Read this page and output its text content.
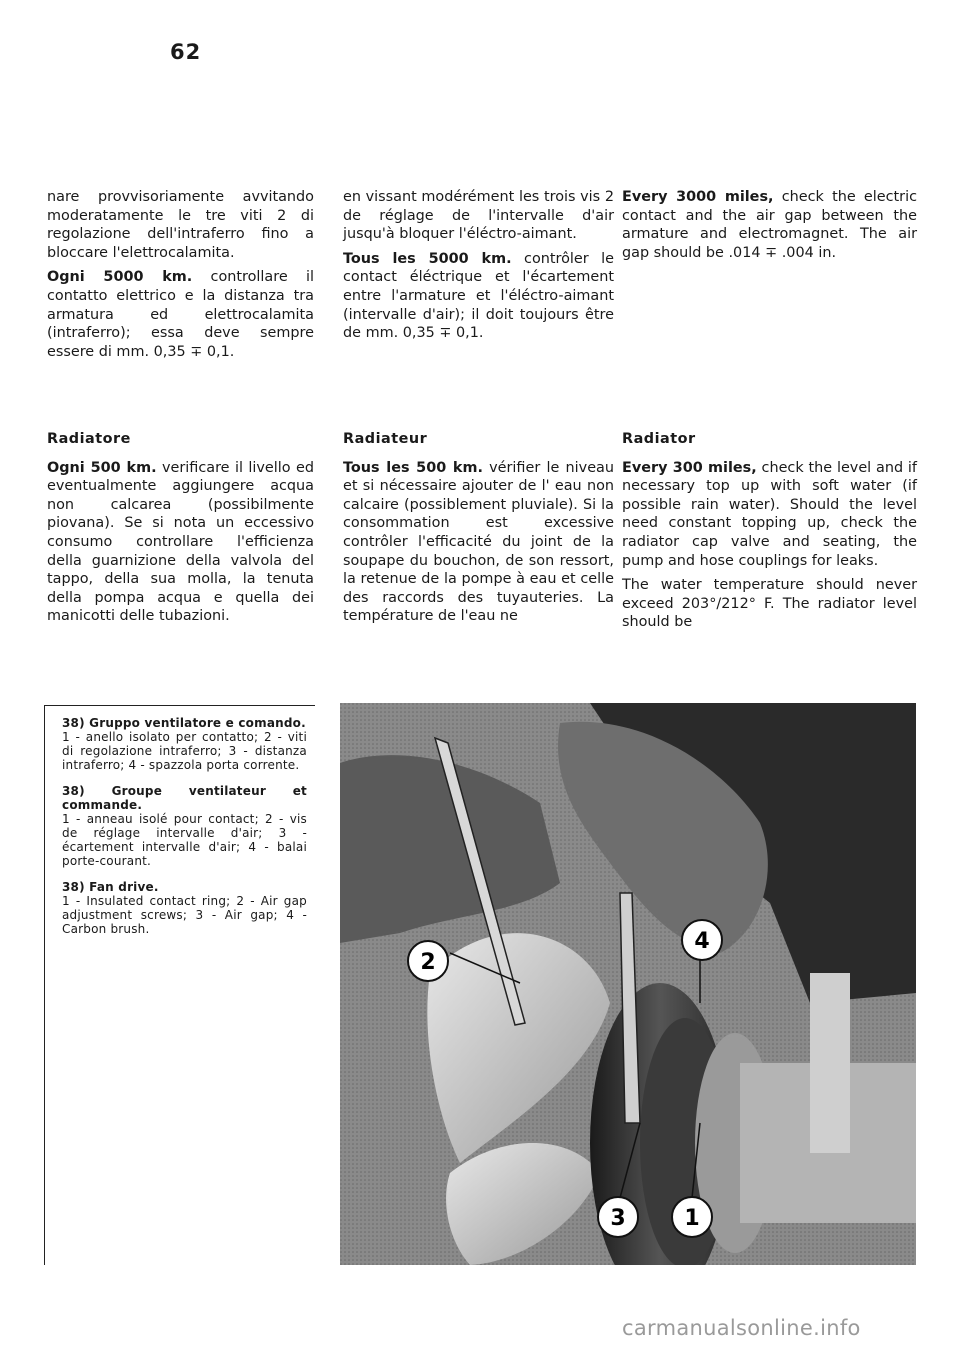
62

nare provvisoriamente avvitando moderatamente le tre viti 2 di regolazione dell'intraferro fino a bloccare l'elettrocalamita.

Ogni 5000 km. controllare il contatto elettrico e la distanza tra armatura ed elettrocalamita (intraferro); essa deve sempre essere di mm. 0,35 ∓ 0,1.

en vissant modérément les trois vis 2 de réglage de l'intervalle d'air jusqu'à bloquer l'éléctro-aimant.

Tous les 5000 km. contrôler le contact éléctrique et l'écartement entre l'armature et l'éléctro-aimant (intervalle d'air); il doit toujours être de mm. 0,35 ∓ 0,1.

Every 3000 miles, check the electric contact and the air gap between the armature and electromagnet. The air gap should be .014 ∓ .004 in.

Radiatore

Ogni 500 km. verificare il livello ed eventualmente aggiungere acqua non calcarea (possibilmente piovana). Se si nota un eccessivo consumo controllare l'efficienza della guarnizione della valvola del tappo, della sua molla, la tenuta della pompa acqua e quella dei manicotti delle tubazioni.

Radiateur

Tous les 500 km. vérifier le niveau et si nécessaire ajouter de l' eau non calcaire (possiblement pluviale). Si la consommation est excessive contrôler l'efficacité du joint de la soupape du bouchon, de son ressort, la retenue de la pompe à eau et celle des raccords des tuyauteries. La température de l'eau ne

Radiator

Every 300 miles, check the level and if necessary top up with soft water (if possible rain water). Should the level need constant topping up, check the radiator cap valve and seating, the pump and hose couplings for leaks.

The water temperature should never exceed 203°/212° F. The radiator level should be

38) Gruppo ventilatore e comando.

1 - anello isolato per contatto; 2 - viti di regolazione intraferro; 3 - distanza intraferro; 4 - spazzola porta corrente.

38) Groupe ventilateur et commande.

1 - anneau isolé pour contact; 2 - vis de réglage intervalle d'air; 3 - écartement intervalle d'air; 4 - balai porte-courant.

38) Fan drive.

1 - Insulated contact ring; 2 - Air gap adjustment screws; 3 - Air gap; 4 - Carbon brush.

2
4
3	1
carmanualsonline.info
